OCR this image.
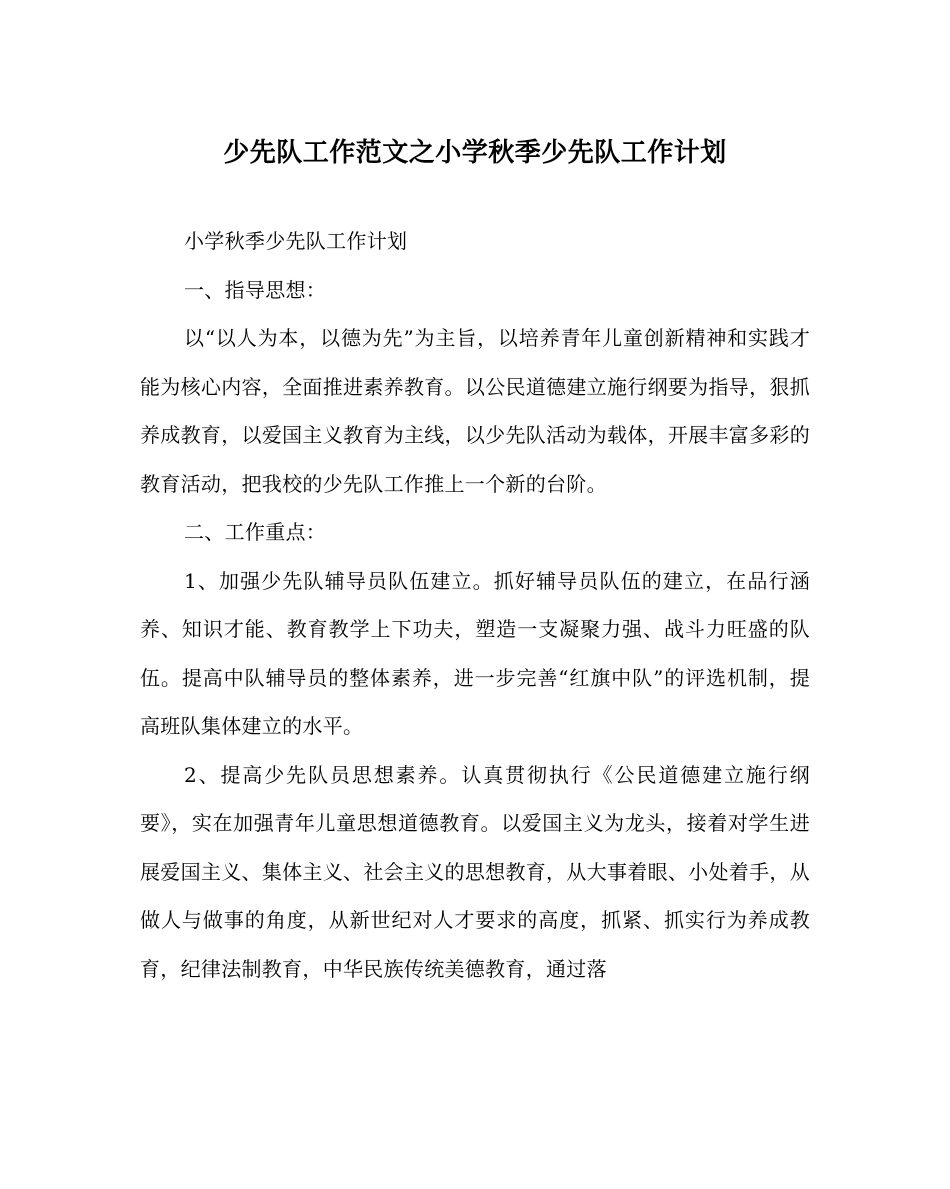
少先队工作范文之小学秋季少先队工作计划

小学秋季少先队工作计划

一、指导思想：

以“以人为本，以德为先”为主旨，以培养青年儿童创新精神和实践才能为核心内容，全面推进素养教育。以公民道德建立施行纲要为指导，狠抓养成教育，以爱国主义教育为主线，以少先队活动为载体，开展丰富多彩的教育活动，把我校的少先队工作推上一个新的台阶。

二、工作重点：

1、加强少先队辅导员队伍建立。抓好辅导员队伍的建立，在品行涵养、知识才能、教育教学上下功夫，塑造一支凝聚力强、战斗力旺盛的队伍。提高中队辅导员的整体素养，进一步完善“红旗中队”的评选机制，提高班队集体建立的水平。

2、提高少先队员思想素养。认真贯彻执行《公民道德建立施行纲要》，实在加强青年儿童思想道德教育。以爱国主义为龙头，接着对学生进展爱国主义、集体主义、社会主义的思想教育，从大事着眼、小处着手，从做人与做事的角度，从新世纪对人才要求的高度，抓紧、抓实行为养成教育，纪律法制教育，中华民族传统美德教育，通过落
